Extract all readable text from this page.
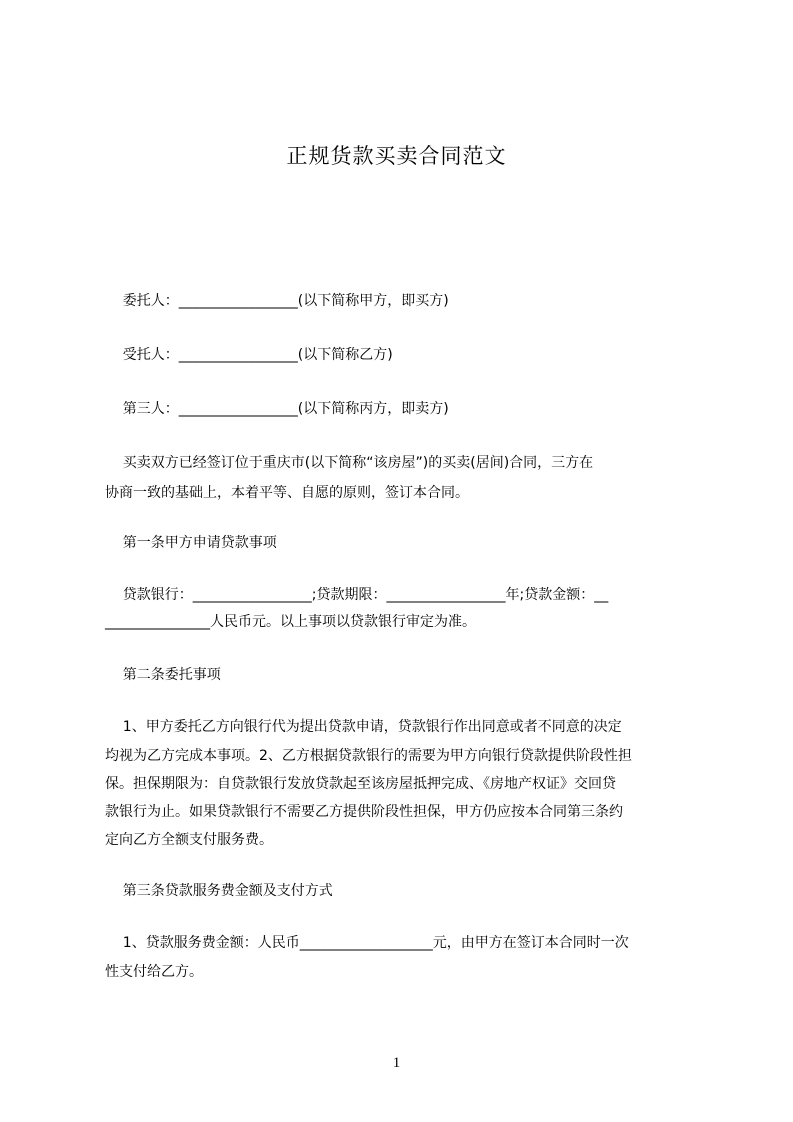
正规货款买卖合同范文
委托人：_________________(以下简称甲方，即买方)
受托人：_________________(以下简称乙方)
第三人：_________________(以下简称丙方，即卖方)
买卖双方已经签订位于重庆市(以下简称“该房屋”)的买卖(居间)合同，三方在
协商一致的基础上，本着平等、自愿的原则，签订本合同。
第一条甲方申请贷款事项
贷款银行：_________________;贷款期限：_________________年;贷款金额：__
_______________人民币元。以上事项以贷款银行审定为准。
第二条委托事项
1、甲方委托乙方向银行代为提出贷款申请，贷款银行作出同意或者不同意的决定
均视为乙方完成本事项。2、乙方根据贷款银行的需要为甲方向银行贷款提供阶段性担
保。担保期限为：自贷款银行发放贷款起至该房屋抵押完成、《房地产权证》交回贷
款银行为止。如果贷款银行不需要乙方提供阶段性担保，甲方仍应按本合同第三条约
定向乙方全额支付服务费。
第三条贷款服务费金额及支付方式
1、贷款服务费金额：人民币___________________元，由甲方在签订本合同时一次
性支付给乙方。
1
